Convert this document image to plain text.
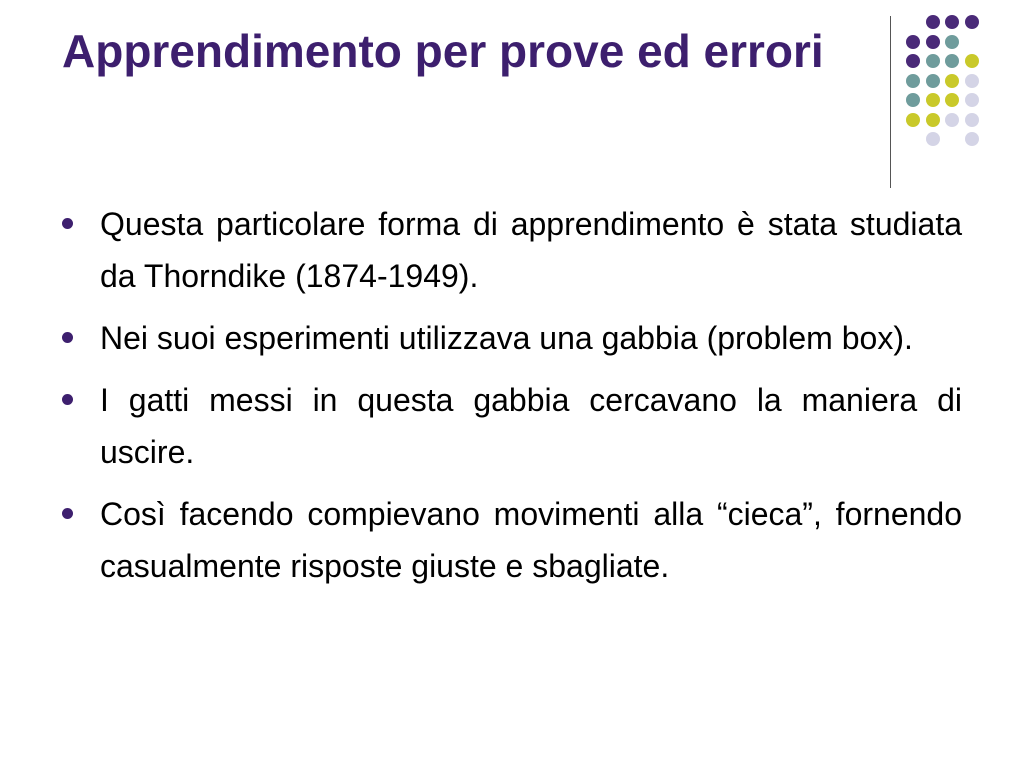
Apprendimento per prove ed errori
Questa particolare forma di apprendimento è stata studiata da Thorndike (1874-1949).
Nei suoi esperimenti utilizzava una gabbia (problem box).
I gatti messi in questa gabbia cercavano la maniera di uscire.
Così facendo compievano movimenti alla “cieca”, fornendo casualmente risposte giuste e sbagliate.
